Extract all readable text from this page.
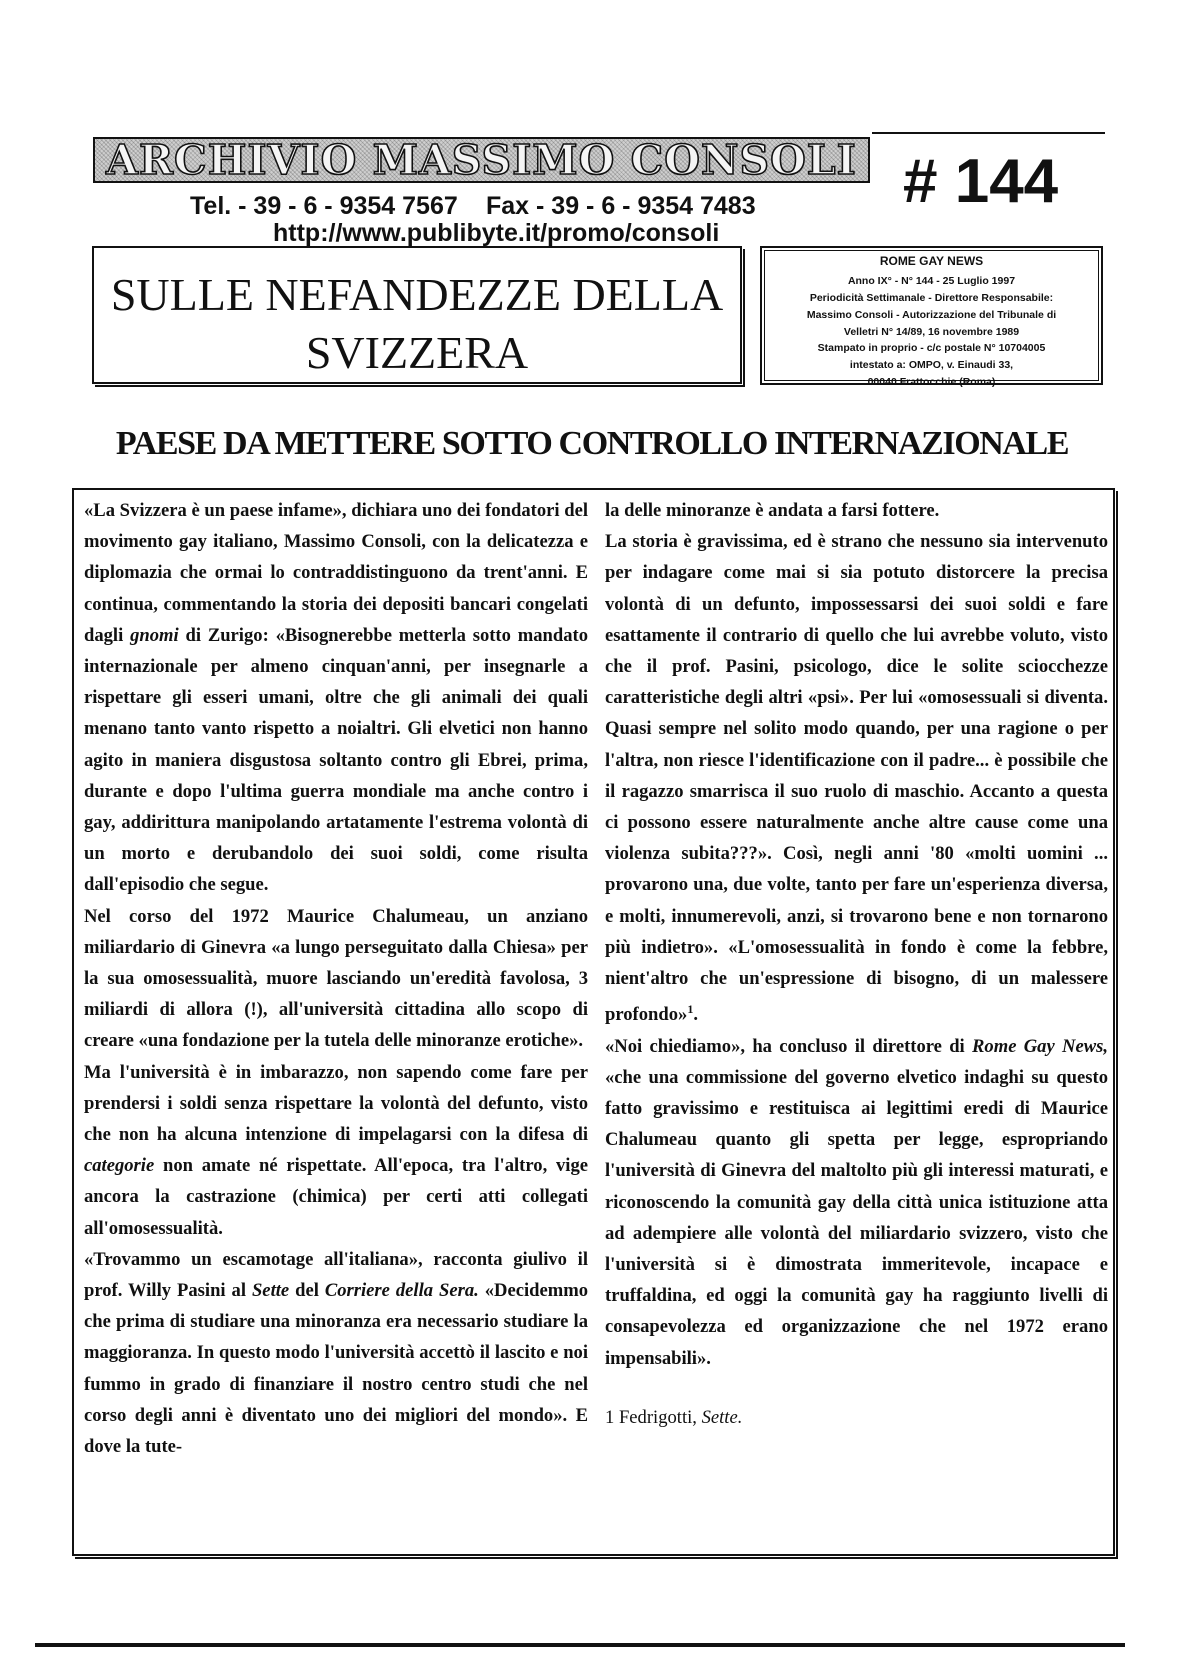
ARCHIVIO MASSIMO CONSOLI
Tel. - 39 - 6 - 9354 7567 Fax - 39 - 6 - 9354 7483
http://www.publibyte.it/promo/consoli
# 144
SULLE NEFANDEZZE DELLA
SVIZZERA
ROME GAY NEWS
Anno IX° - N° 144 - 25 Luglio 1997
Periodicità Settimanale - Direttore Responsabile:
Massimo Consoli - Autorizzazione del Tribunale di
Velletri N° 14/89, 16 novembre 1989
Stampato in proprio - c/c postale N° 10704005
intestato a: OMPO, v. Einaudi 33,
00040 Frattocchie (Roma)
PAESE DA METTERE SOTTO CONTROLLO INTERNAZIONALE

«La Svizzera è un paese infame», dichiara uno dei fondatori del movimento gay italiano, Massimo Consoli, con la delicatezza e diplomazia che ormai lo contraddistinguono da trent'anni. E continua, commentando la storia dei depositi bancari congelati dagli gnomi di Zurigo: «Bisognerebbe metterla sotto mandato internazionale per almeno cinquan'anni, per insegnarle a rispettare gli esseri umani, oltre che gli animali dei quali menano tanto vanto rispetto a noialtri. Gli elvetici non hanno agito in maniera disgustosa soltanto contro gli Ebrei, prima, durante e dopo l'ultima guerra mondiale ma anche contro i gay, addirittura manipolando artatamente l'estrema volontà di un morto e derubandolo dei suoi soldi, come risulta dall'episodio che segue.

Nel corso del 1972 Maurice Chalumeau, un anziano miliardario di Ginevra «a lungo perseguitato dalla Chiesa» per la sua omosessualità, muore lasciando un'eredità favolosa, 3 miliardi di allora (!), all'università cittadina allo scopo di creare «una fondazione per la tutela delle minoranze erotiche».

Ma l'università è in imbarazzo, non sapendo come fare per prendersi i soldi senza rispettare la volontà del defunto, visto che non ha alcuna intenzione di impelagarsi con la difesa di categorie non amate né rispettate. All'epoca, tra l'altro, vige ancora la castrazione (chimica) per certi atti collegati all'omosessualità.

«Trovammo un escamotage all'italiana», racconta giulivo il prof. Willy Pasini al Sette del Corriere della Sera. «Decidemmo che prima di studiare una minoranza era necessario studiare la maggioranza. In questo modo l'università accettò il lascito e noi fummo in grado di finanziare il nostro centro studi che nel corso degli anni è diventato uno dei migliori del mondo». E dove la tute-

la delle minoranze è andata a farsi fottere.

La storia è gravissima, ed è strano che nessuno sia intervenuto per indagare come mai si sia potuto distorcere la precisa volontà di un defunto, impossessarsi dei suoi soldi e fare esattamente il contrario di quello che lui avrebbe voluto, visto che il prof. Pasini, psicologo, dice le solite sciocchezze caratteristiche degli altri «psi». Per lui «omosessuali si diventa. Quasi sempre nel solito modo quando, per una ragione o per l'altra, non riesce l'identificazione con il padre... è possibile che il ragazzo smarrisca il suo ruolo di maschio. Accanto a questa ci possono essere naturalmente anche altre cause come una violenza subita???». Così, negli anni '80 «molti uomini ... provarono una, due volte, tanto per fare un'esperienza diversa, e molti, innumerevoli, anzi, si trovarono bene e non tornarono più indietro». «L'omosessualità in fondo è come la febbre, nient'altro che un'espressione di bisogno, di un malessere profondo»$^1$.

«Noi chiediamo», ha concluso il direttore di Rome Gay News, «che una commissione del governo elvetico indaghi su questo fatto gravissimo e restituisca ai legittimi eredi di Maurice Chalumeau quanto gli spetta per legge, espropriando l'università di Ginevra del maltolto più gli interessi maturati, e riconoscendo la comunità gay della città unica istituzione atta ad adempiere alle volontà del miliardario svizzero, visto che l'università si è dimostrata immeritevole, incapace e truffaldina, ed oggi la comunità gay ha raggiunto livelli di consapevolezza ed organizzazione che nel 1972 erano impensabili».

1 Fedrigotti, Sette.
